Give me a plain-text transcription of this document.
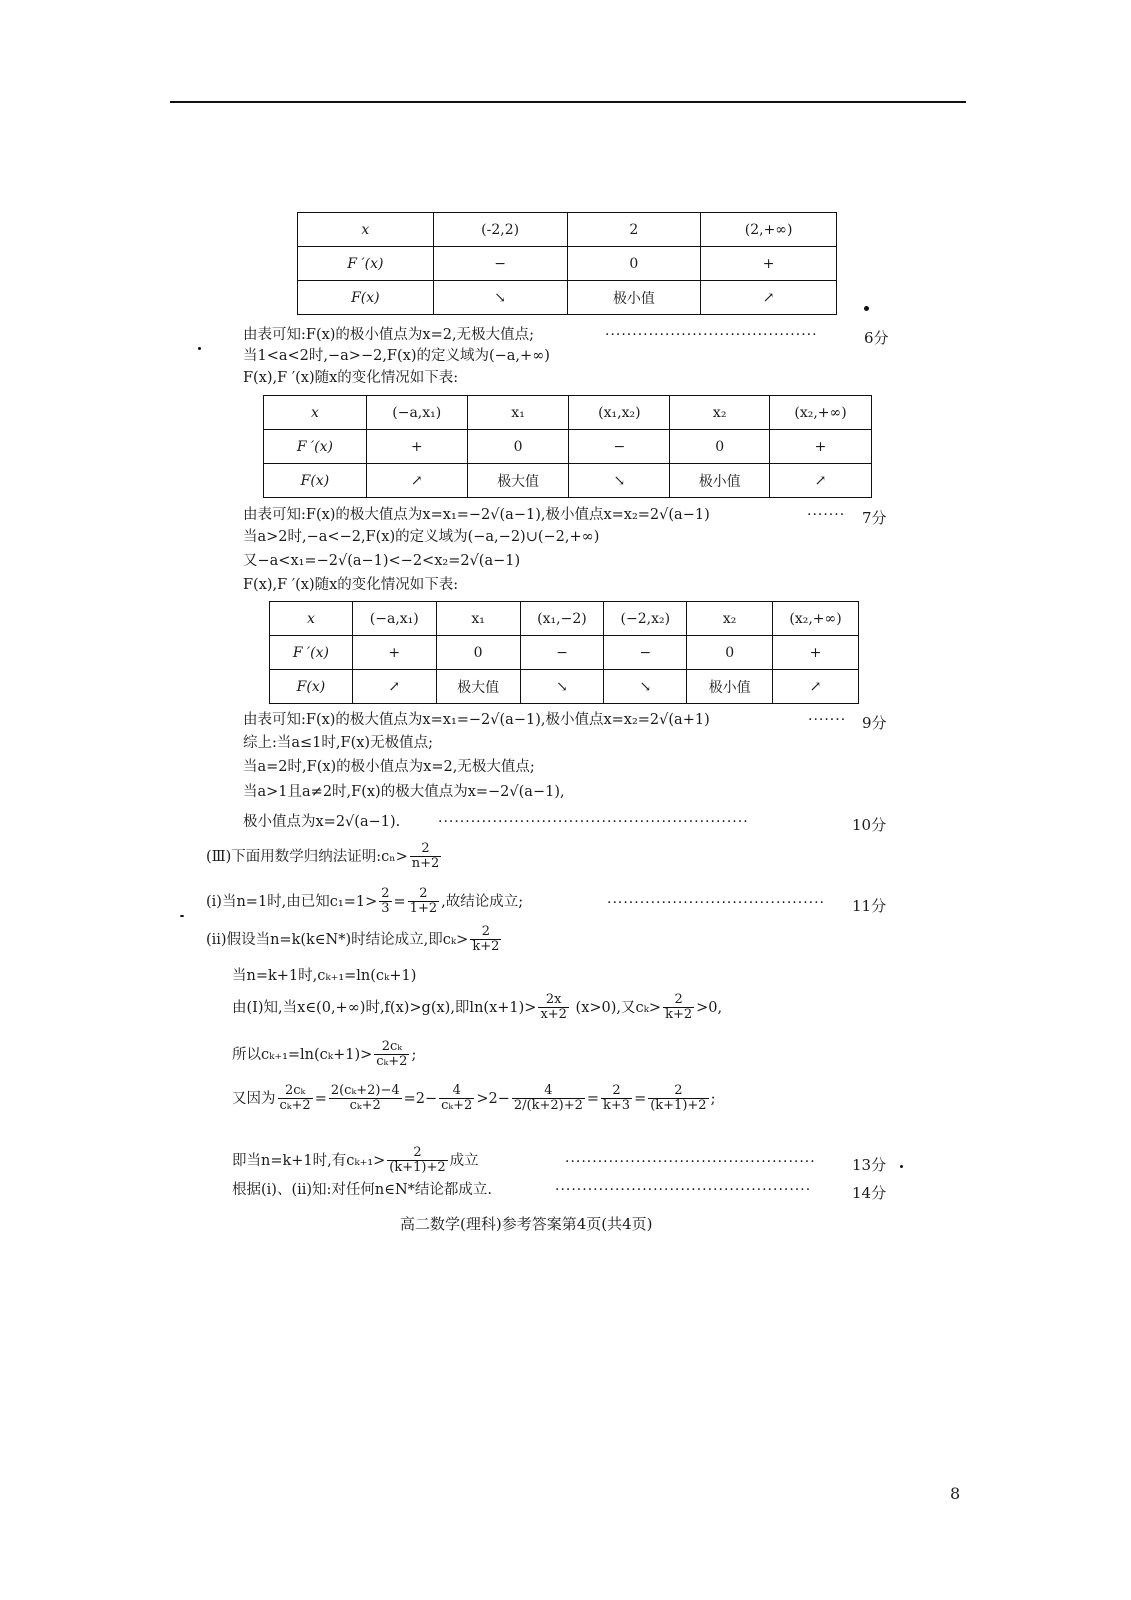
x	(-2,2)	2	(2,+∞)
F ′(x)	−	0	+
F(x)	↘	极小值	↗
由表可知:F(x)的极小值点为x=2,无极大值点;	·······································	6分
当1<a<2时,−a>−2,F(x)的定义域为(−a,+∞)
F(x),F ′(x)随x的变化情况如下表:
x	(−a,x₁)	x₁	(x₁,x₂)	x₂	(x₂,+∞)
F ′(x)	+	0	−	0	+
F(x)	↗	极大值	↘	极小值	↗
由表可知:F(x)的极大值点为x=x₁=−2√(a−1),极小值点x=x₂=2√(a−1)	······· 7分
当a>2时,−a<−2,F(x)的定义域为(−a,−2)∪(−2,+∞)
又−a<x₁=−2√(a−1)<−2<x₂=2√(a−1)
F(x),F ′(x)随x的变化情况如下表:
x	(−a,x₁)	x₁	(x₁,−2)	(−2,x₂)	x₂	(x₂,+∞)
F ′(x)	+	0	−	−	0	+
F(x)	↗	极大值	↘	↘	极小值	↗
由表可知:F(x)的极大值点为x=x₁=−2√(a−1),极小值点x=x₂=2√(a+1)	······· 9分
综上:当a≤1时,F(x)无极值点;
当a=2时,F(x)的极小值点为x=2,无极大值点;
当a>1且a≠2时,F(x)的极大值点为x=−2√(a−1),
极小值点为x=2√(a−1).	·························································	10分
(Ⅲ)下面用数学归纳法证明:cₙ> $\frac{2}{n+2}$
(i)当n=1时,由已知$c_1=1> \frac{2}{3} = \frac{2}{1+2}$ ,故结论成立;	········································ 11分
(ii)假设当n=k(k∈N*)时结论成立,即$c_k> \frac{2}{k+2}$
当n=k+1时,cₖ₊₁=ln(cₖ+1)
由(Ⅰ)知,当x∈(0,+∞)时,f(x)>g(x),即$\ln(x+1)> \frac{2x}{x+2} (x>0)$,又$c_k> \frac{2}{k+2} >0$,
所以$c_{k+1}=\ln(c_k+1)> \frac{\text{2cₖ}}{\text{cₖ+2}}$ ;
又因为 $\frac{\text{2cₖ}}{\text{cₖ+2}} = \frac{\text{2(cₖ+2)−4}}{\text{cₖ+2}} =2- \frac{4}{\text{cₖ+2}} >2- \frac{4}{2/(k+2)+2} = \frac{2}{k+3} = \frac{2}{(k+1)+2}$ ;
即当n=k+1时,有$c_{k+1}> \frac{2}{(k+1)+2}$ 成立	·············································· 13分
根据(i)、(ii)知:对任何n∈N*结论都成立.	···············································	14分
高二数学(理科)参考答案第4页(共4页)
8
